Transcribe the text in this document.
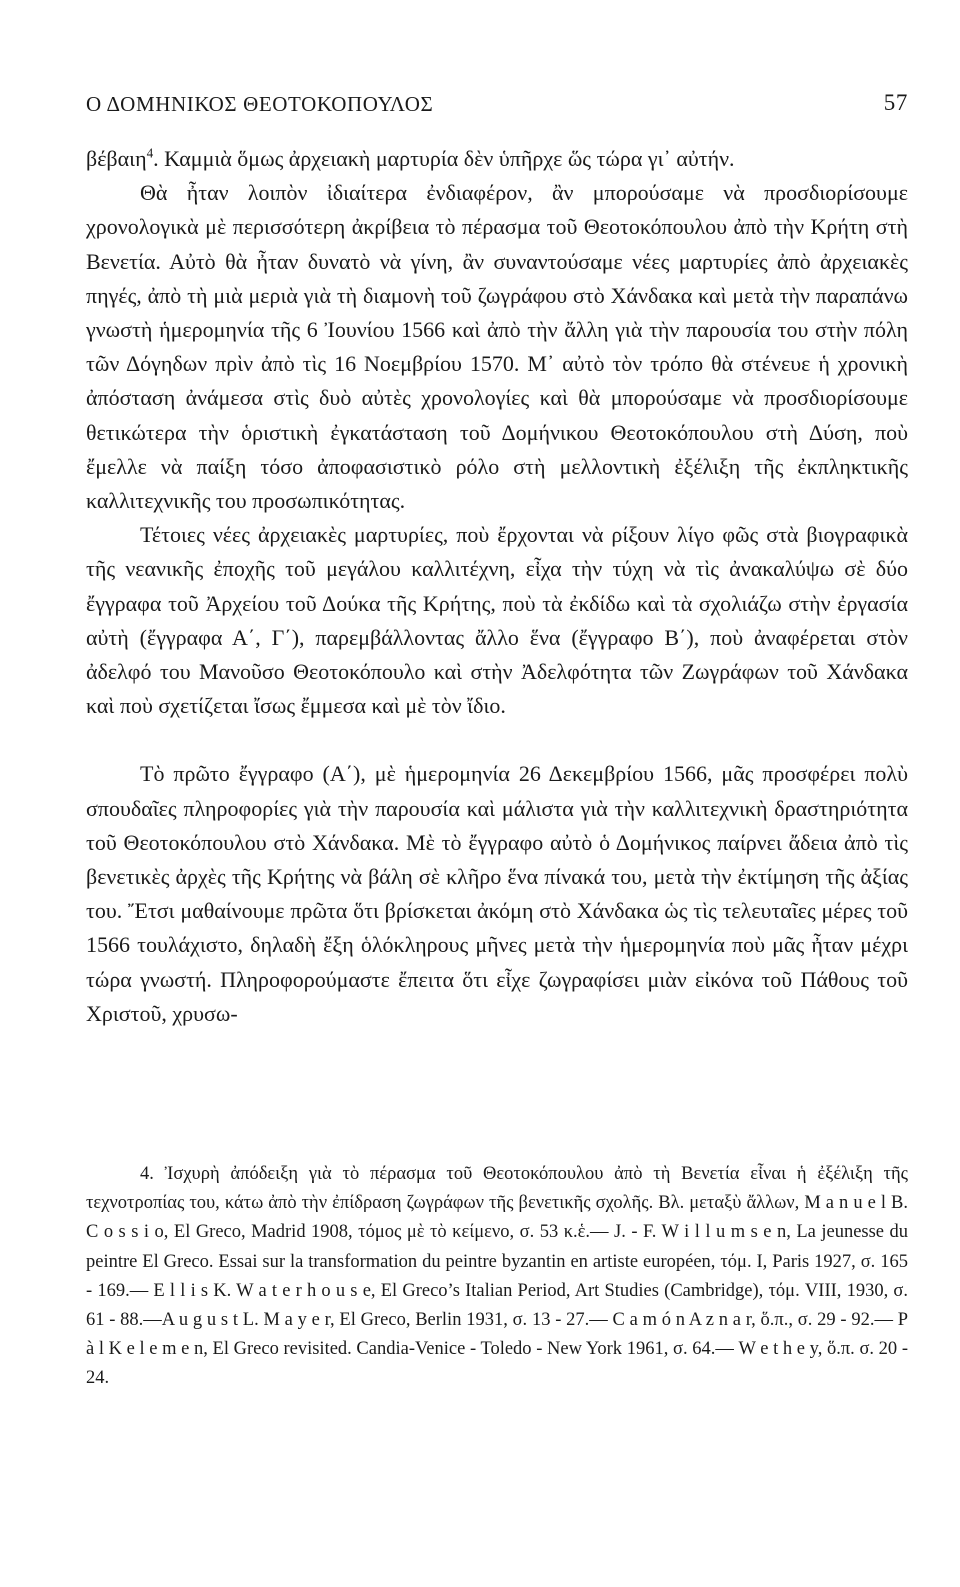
Ο ΔΟΜΗΝΙΚΟΣ ΘΕΟΤΟΚΟΠΟΥΛΟΣ	57

βέβαιη$^4$. Καμμιὰ ὅμως ἀρχειακὴ μαρτυρία δὲν ὑπῆρχε ὥς τώρα γι᾽ αὐτήν.

Θὰ ἦταν λοιπὸν ἰδιαίτερα ἐνδιαφέρον, ἂν μπορούσαμε νὰ προσδιορίσουμε χρονολογικὰ μὲ περισσότερη ἀκρίβεια τὸ πέρασμα τοῦ Θεοτοκόπουλου ἀπὸ τὴν Κρήτη στὴ Βενετία. Αὐτὸ θὰ ἦταν δυνατὸ νὰ γίνη, ἂν συναντούσαμε νέες μαρτυρίες ἀπὸ ἀρχειακὲς πηγές, ἀπὸ τὴ μιὰ μεριὰ γιὰ τὴ διαμονὴ τοῦ ζωγράφου στὸ Χάνδακα καὶ μετὰ τὴν παραπάνω γνωστὴ ἡμερομηνία τῆς 6 Ἰουνίου 1566 καὶ ἀπὸ τὴν ἄλλη γιὰ τὴν παρουσία του στὴν πόλη τῶν Δόγηδων πρὶν ἀπὸ τὶς 16 Νοεμβρίου 1570. Μ᾽ αὐτὸ τὸν τρόπο θὰ στένευε ἡ χρονικὴ ἀπόσταση ἀνάμεσα στὶς δυὸ αὐτὲς χρονολογίες καὶ θὰ μπορούσαμε νὰ προσδιορίσουμε θετικώτερα τὴν ὁριστικὴ ἐγκατάσταση τοῦ Δομήνικου Θεοτοκόπουλου στὴ Δύση, ποὺ ἔμελλε νὰ παίξη τόσο ἀποφασιστικὸ ρόλο στὴ μελλοντικὴ ἐξέλιξη τῆς ἐκπληκτικῆς καλλιτεχνικῆς του προσωπικότητας.

Τέτοιες νέες ἀρχειακὲς μαρτυρίες, ποὺ ἔρχονται νὰ ρίξουν λίγο φῶς στὰ βιογραφικὰ τῆς νεανικῆς ἐποχῆς τοῦ μεγάλου καλλιτέχνη, εἶχα τὴν τύχη νὰ τὶς ἀνακαλύψω σὲ δύο ἔγγραφα τοῦ Ἀρχείου τοῦ Δούκα τῆς Κρήτης, ποὺ τὰ ἐκδίδω καὶ τὰ σχολιάζω στὴν ἐργασία αὐτὴ (ἔγγραφα Α΄, Γ΄), παρεμβάλλοντας ἄλλο ἕνα (ἔγγραφο Β΄), ποὺ ἀναφέρεται στὸν ἀδελφό του Μανοῦσο Θεοτοκόπουλο καὶ στὴν Ἀδελφότητα τῶν Ζωγράφων τοῦ Χάνδακα καὶ ποὺ σχετίζεται ἴσως ἔμμεσα καὶ μὲ τὸν ἴδιο.

Τὸ πρῶτο ἔγγραφο (Α΄), μὲ ἡμερομηνία 26 Δεκεμβρίου 1566, μᾶς προσφέρει πολὺ σπουδαῖες πληροφορίες γιὰ τὴν παρουσία καὶ μάλιστα γιὰ τὴν καλλιτεχνικὴ δραστηριότητα τοῦ Θεοτοκόπουλου στὸ Χάνδακα. Μὲ τὸ ἔγγραφο αὐτὸ ὁ Δομήνικος παίρνει ἄδεια ἀπὸ τὶς βενετικὲς ἀρχὲς τῆς Κρήτης νὰ βάλη σὲ κλῆρο ἕνα πίνακά του, μετὰ τὴν ἐκτίμηση τῆς ἀξίας του. Ἔτσι μαθαίνουμε πρῶτα ὅτι βρίσκεται ἀκόμη στὸ Χάνδακα ὡς τὶς τελευταῖες μέρες τοῦ 1566 τουλάχιστο, δηλαδὴ ἔξη ὁλόκληρους μῆνες μετὰ τὴν ἡμερομηνία ποὺ μᾶς ἦταν μέχρι τώρα γνωστή. Πληροφορούμαστε ἔπειτα ὅτι εἶχε ζωγραφίσει μιὰν εἰκόνα τοῦ Πάθους τοῦ Χριστοῦ, χρυσω-

4. Ἰσχυρὴ ἀπόδειξη γιὰ τὸ πέρασμα τοῦ Θεοτοκόπουλου ἀπὸ τὴ Βενετία εἶναι ἡ ἐξέλιξη τῆς τεχνοτροπίας του, κάτω ἀπὸ τὴν ἐπίδραση ζωγράφων τῆς βενετικῆς σχολῆς. Βλ. μεταξὺ ἄλλων, M a n u e l B. C o s s i o, El Greco, Madrid 1908, τόμος μὲ τὸ κείμενο, σ. 53 κ.ἑ.— J. - F. W i l l u m s e n, La jeunesse du peintre El Greco. Essai sur la transformation du peintre byzantin en artiste européen, τόμ. I, Paris 1927, σ. 165 - 169.— E l l i s K. W a t e r h o u s e, El Greco’s Italian Period, Art Studies (Cambridge), τόμ. VIII, 1930, σ. 61 - 88.—A u g u s t L. M a y e r, El Greco, Berlin 1931, σ. 13 - 27.— C a m ó n A z n a r, ὅ.π., σ. 29 - 92.— P à l K e l e m e n, El Greco revisited. Candia-Venice - Toledo - New York 1961, σ. 64.— W e t h e y, ὅ.π. σ. 20 - 24.
